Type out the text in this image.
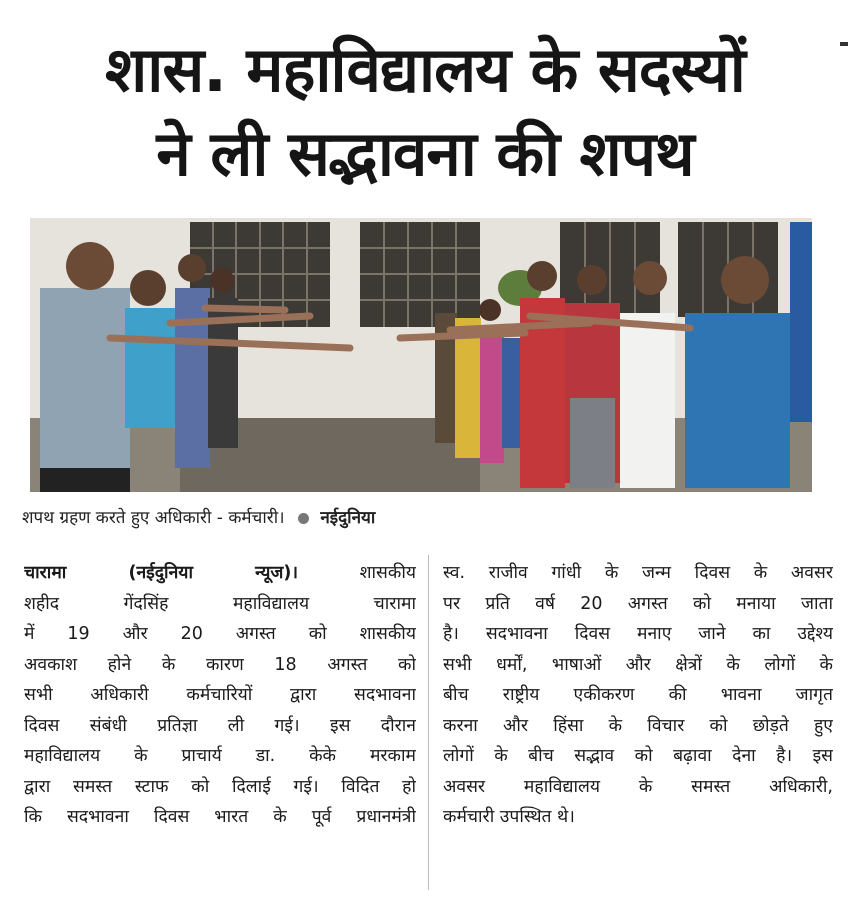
शास. महाविद्यालय के सदस्यों
ने ली सद्भावना की शपथ
शपथ ग्रहण करते हुए अधिकारी - कर्मचारी। नईदुनिया
चारामा (नईदुनिया न्यूज)। शासकीय
शहीद गेंदसिंह महाविद्यालय चारामा
में 19 और 20 अगस्त को शासकीय
अवकाश होने के कारण 18 अगस्त को
सभी अधिकारी कर्मचारियों द्वारा सदभावना
दिवस संबंधी प्रतिज्ञा ली गई। इस दौरान
महाविद्यालय के प्राचार्य डा. केके मरकाम
द्वारा समस्त स्टाफ को दिलाई गई। विदित हो
कि सदभावना दिवस भारत के पूर्व प्रधानमंत्री
स्व. राजीव गांधी के जन्म दिवस के अवसर
पर प्रति वर्ष 20 अगस्त को मनाया जाता
है। सदभावना दिवस मनाए जाने का उद्देश्य
सभी धर्मों, भाषाओं और क्षेत्रों के लोगों के
बीच राष्ट्रीय एकीकरण की भावना जागृत
करना और हिंसा के विचार को छोड़ते हुए
लोगों के बीच सद्भाव को बढ़ावा देना है। इस
अवसर महाविद्यालय के समस्त अधिकारी,
कर्मचारी उपस्थित थे।
